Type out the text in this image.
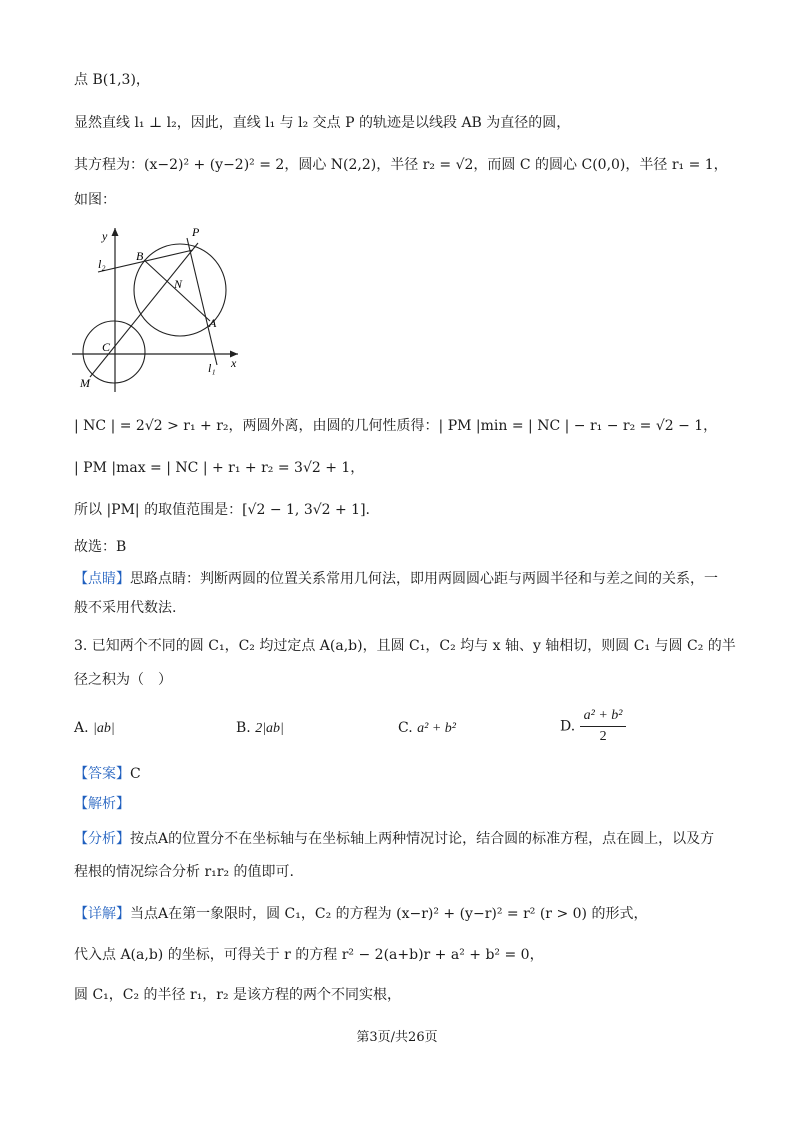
点 B(1,3)，
显然直线 l₁ ⊥ l₂，因此，直线 l₁ 与 l₂ 交点 P 的轨迹是以线段 AB 为直径的圆，
其方程为：(x−2)² + (y−2)² = 2，圆心 N(2,2)，半径 r₂ = √2，而圆 C 的圆心 C(0,0)，半径 r₁ = 1，
如图：
y
x
l₂
l₁
P
B
N
A
C
M
| NC | = 2√2 > r₁ + r₂，两圆外离，由圆的几何性质得：| PM |min = | NC | − r₁ − r₂ = √2 − 1，
| PM |max = | NC | + r₁ + r₂ = 3√2 + 1，
所以 |PM| 的取值范围是：[√2 − 1, 3√2 + 1].
故选：B
【点睛】思路点睛：判断两圆的位置关系常用几何法，即用两圆圆心距与两圆半径和与差之间的关系，一
般不采用代数法.
3. 已知两个不同的圆 C₁，C₂ 均过定点 A(a,b)，且圆 C₁，C₂ 均与 x 轴、y 轴相切，则圆 C₁ 与圆 C₂ 的半
径之积为（　）
A. |ab|	B. 2|ab|	C. a² + b²	D. $\frac{\text{a² + b²}}{2}$
【答案】C
【解析】
【分析】按点A的位置分不在坐标轴与在坐标轴上两种情况讨论，结合圆的标准方程，点在圆上，以及方
程根的情况综合分析 r₁r₂ 的值即可.
【详解】当点A在第一象限时，圆 C₁，C₂ 的方程为 (x−r)² + (y−r)² = r² (r > 0) 的形式，
代入点 A(a,b) 的坐标，可得关于 r 的方程 r² − 2(a+b)r + a² + b² = 0，
圆 C₁，C₂ 的半径 r₁，r₂ 是该方程的两个不同实根，
第3页/共26页
